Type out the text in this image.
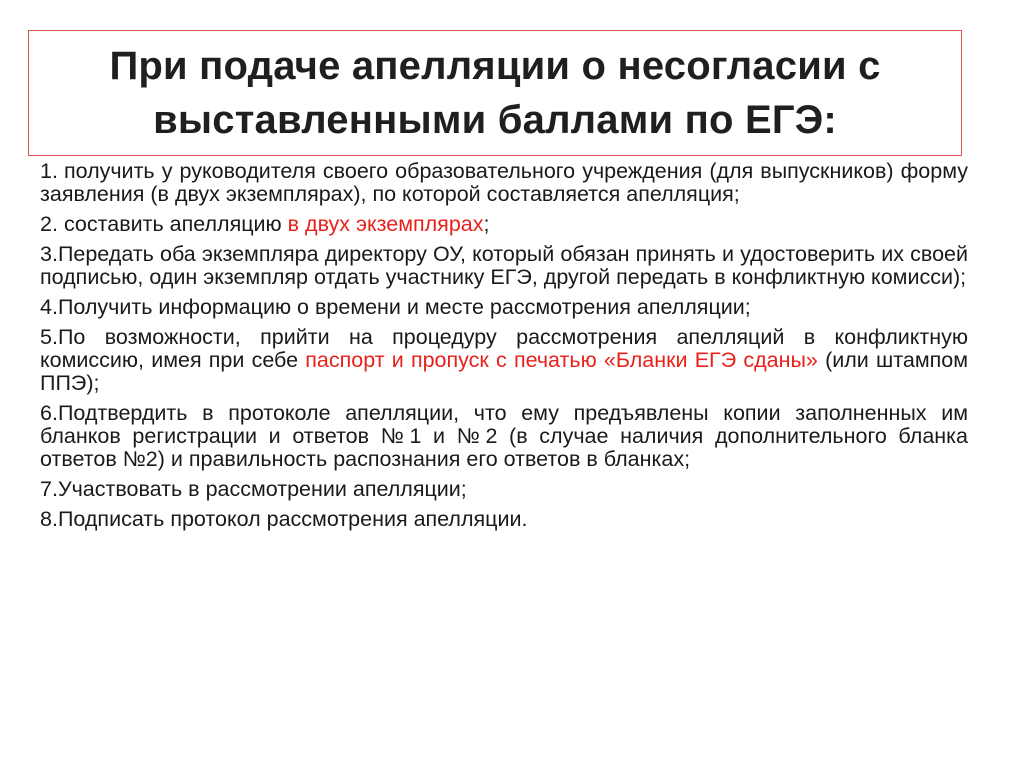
При подаче апелляции о несогласии с выставленными баллами по ЕГЭ:

1. получить у руководителя своего образовательного учреждения (для выпускников) форму заявления (в двух экземплярах), по которой составляется апелляция;

2. составить апелляцию в двух экземплярах;

3.Передать оба экземпляра директору ОУ, который обязан принять и удостоверить их своей подписью, один экземпляр отдать участнику ЕГЭ, другой передать в конфликтную комисси);

4.Получить информацию о времени и месте рассмотрения апелляции;

5.По возможности, прийти на процедуру рассмотрения апелляций в конфликтную комиссию, имея при себе паспорт и пропуск с печатью «Бланки ЕГЭ сданы» (или штампом ППЭ);

6.Подтвердить в протоколе апелляции, что ему предъявлены копии заполненных им бланков регистрации и ответов №1 и №2 (в случае наличия дополнительного бланка ответов №2) и правильность распознания его ответов в бланках;

7.Участвовать в рассмотрении апелляции;

8.Подписать протокол рассмотрения апелляции.
